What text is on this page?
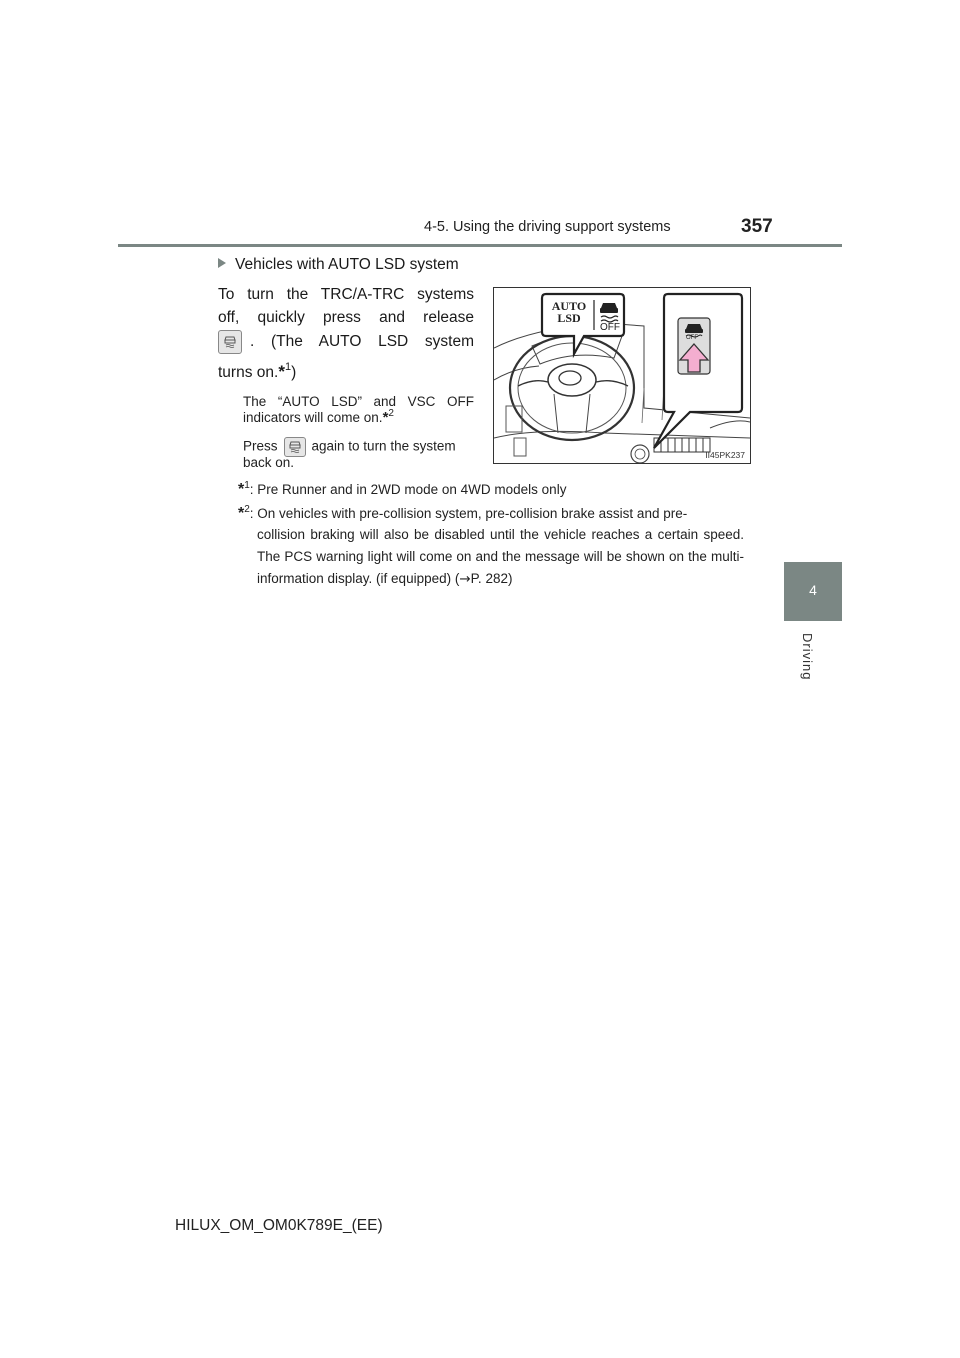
4-5. Using the driving support systems	357
4
Driving
Vehicles with AUTO LSD system
To turn the TRC/A-TRC systems
off, quickly press and release
. (The AUTO LSD system
turns on.*$^1$)
The “AUTO LSD” and VSC OFF
indicators will come on.*$^2$
Press	again to turn the system
back on.
AUTO
LSD
OFF
OFF
II45PK237
*$^1$: Pre Runner and in 2WD mode on 4WD models only
*$^2$: On vehicles with pre-collision system, pre-collision brake assist and pre-
collision braking will also be disabled until the vehicle reaches a certain speed. The PCS warning light will come on and the message will be shown on the multi-information display. (if equipped) (→P. 282)
HILUX_OM_OM0K789E_(EE)
